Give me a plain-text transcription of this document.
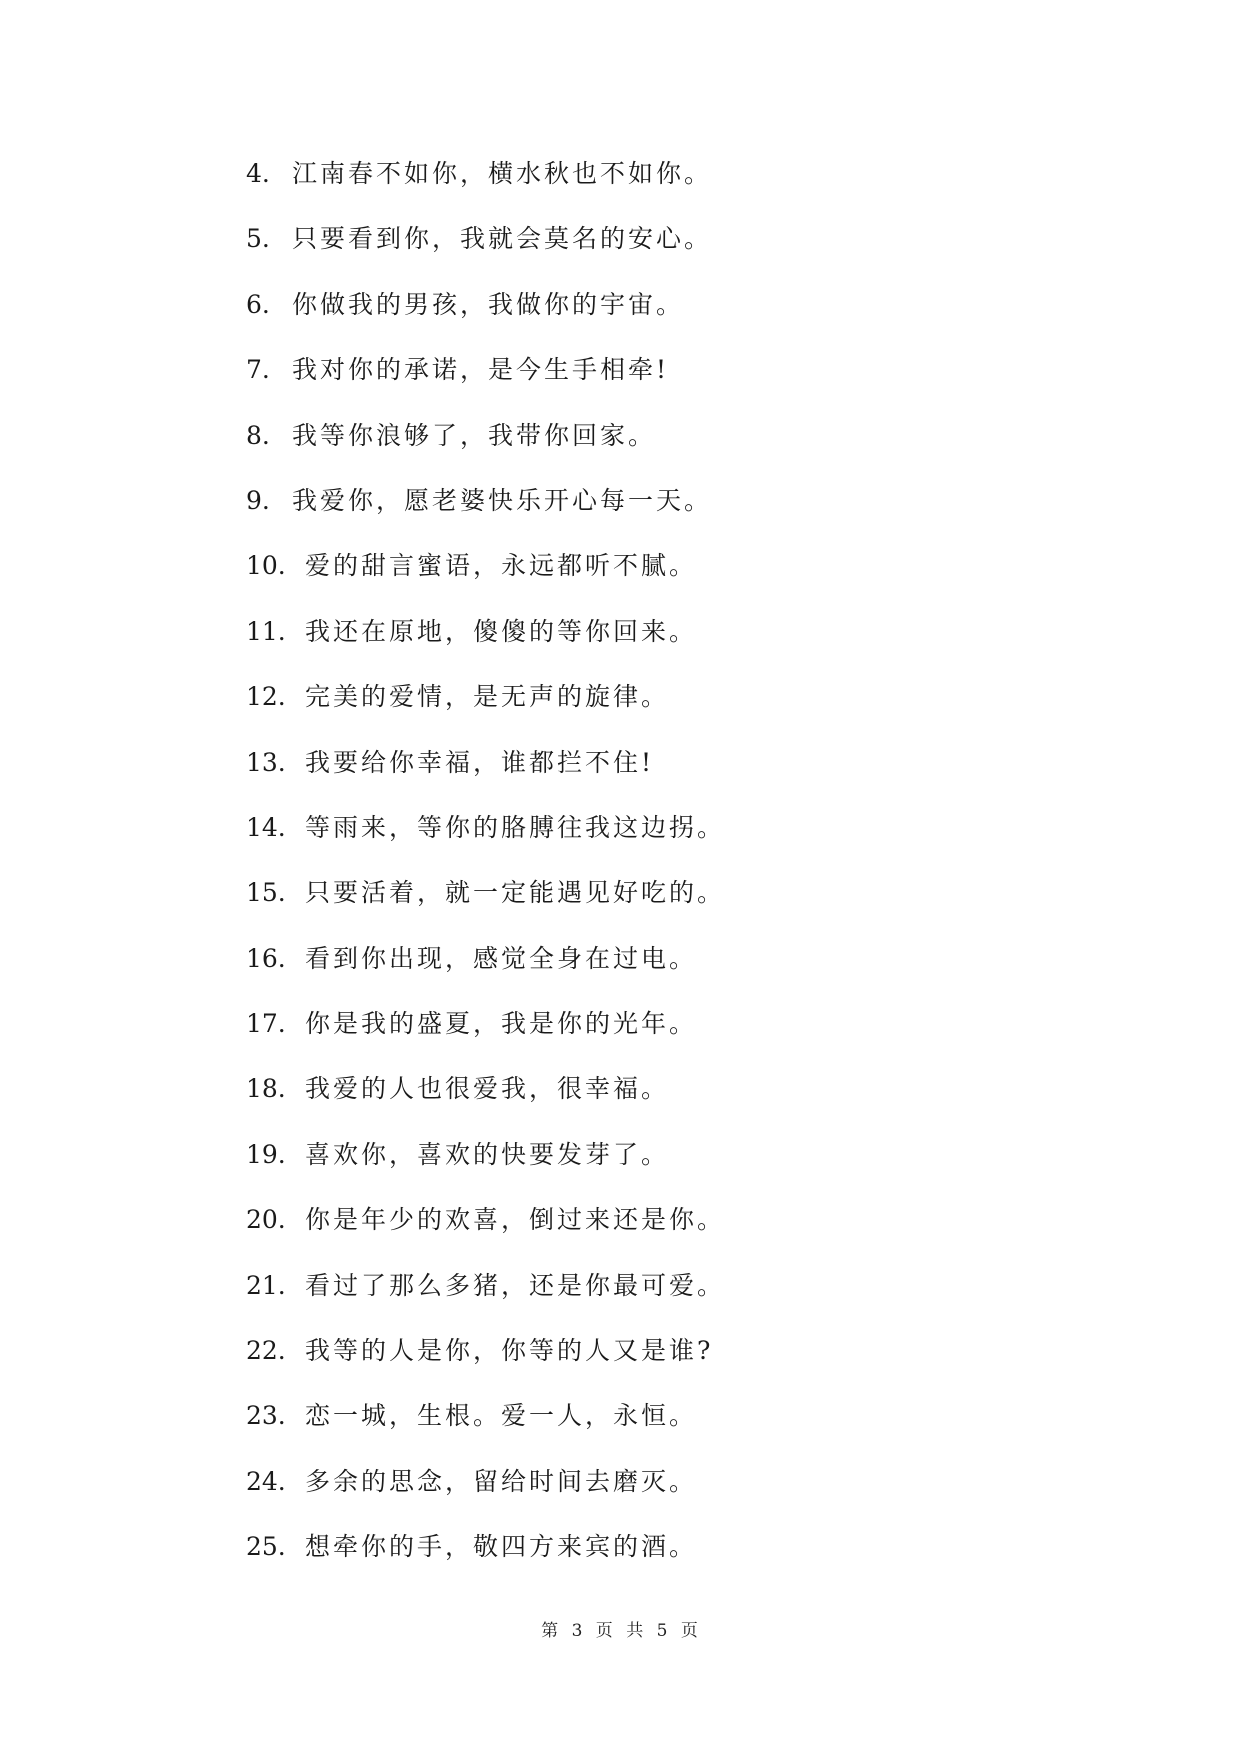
4. 江南春不如你，横水秋也不如你。
5. 只要看到你，我就会莫名的安心。
6. 你做我的男孩，我做你的宇宙。
7. 我对你的承诺，是今生手相牵!
8. 我等你浪够了，我带你回家。
9. 我爱你，愿老婆快乐开心每一天。
10. 爱的甜言蜜语，永远都听不腻。
11. 我还在原地，傻傻的等你回来。
12. 完美的爱情，是无声的旋律。
13. 我要给你幸福，谁都拦不住!
14. 等雨来，等你的胳膊往我这边拐。
15. 只要活着，就一定能遇见好吃的。
16. 看到你出现，感觉全身在过电。
17. 你是我的盛夏，我是你的光年。
18. 我爱的人也很爱我，很幸福。
19. 喜欢你，喜欢的快要发芽了。
20. 你是年少的欢喜，倒过来还是你。
21. 看过了那么多猪，还是你最可爱。
22. 我等的人是你，你等的人又是谁?
23. 恋一城，生根。爱一人，永恒。
24. 多余的思念，留给时间去磨灭。
25. 想牵你的手，敬四方来宾的酒。
第 3 页 共 5 页
